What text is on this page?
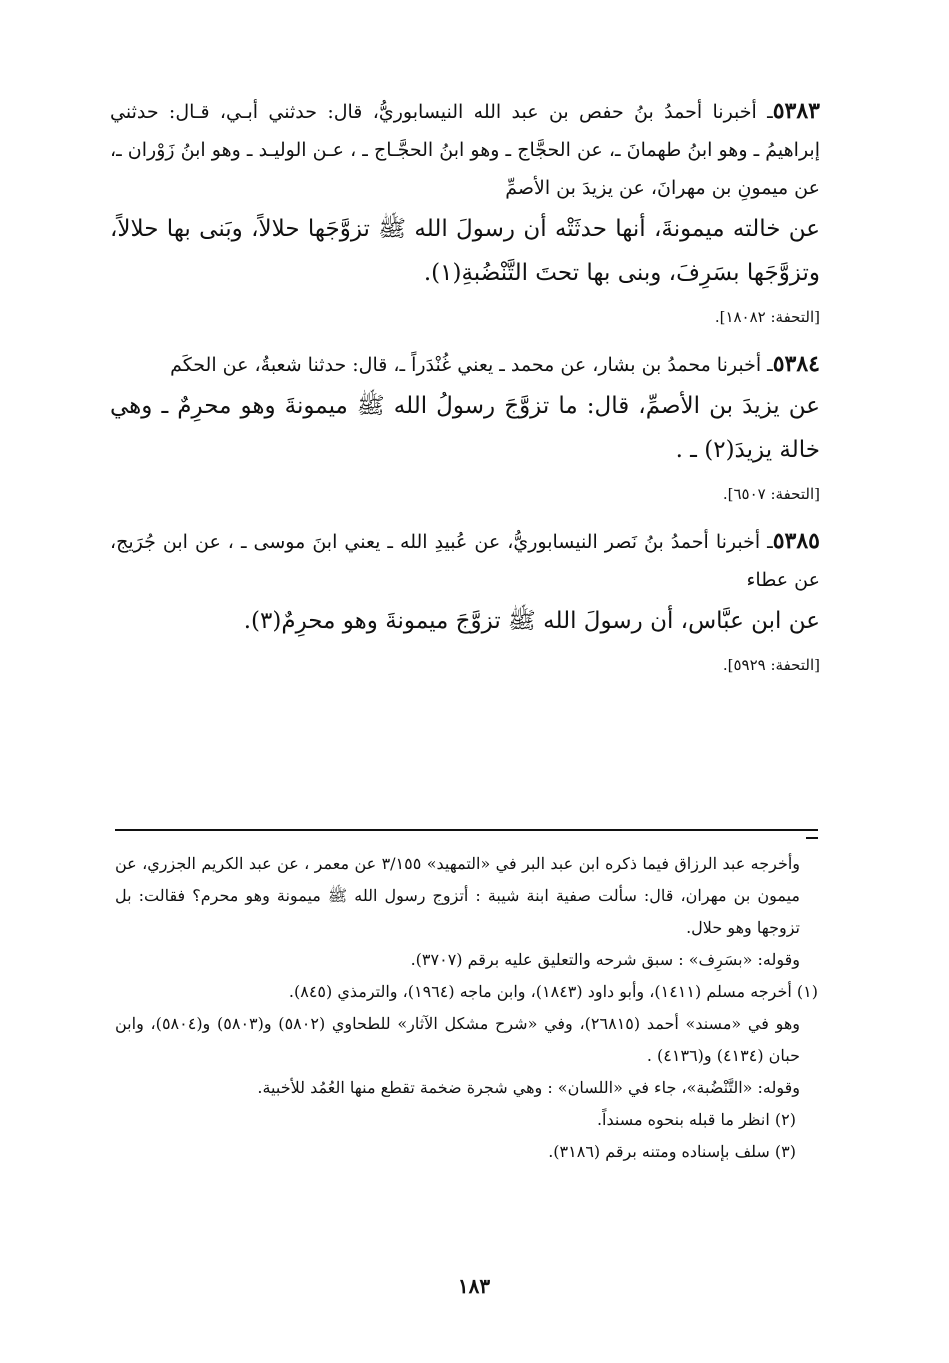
٥٣٨٣ـ أخبرنا أحمدُ بنُ حفص بن عبد الله النيسابوريُّ، قال: حدثني أبـي، قـال: حدثني إبراهيمُ ـ وهو ابنُ طهمانَ ـ، عن الحجَّاج ـ وهو ابنُ الحجَّـاج ـ ، عـن الوليـد ـ وهو ابنُ زَوْران ـ، عن ميمونِ بن مهرانَ، عن يزيدَ بن الأصمِّ

عن خالته ميمونةَ، أنها حدثَتْه أن رسولَ الله ﷺ تزوَّجَها حلالاً، وبَنى بها حلالاً، وتزوَّجَها بسَرِفَ، وبنى بها تحتَ التَّنْضُبةِ(١).

[التحفة: ١٨٠٨٢].

٥٣٨٤ـ أخبرنا محمدُ بن بشار، عن محمد ـ يعني غُنْدَراً ـ، قال: حدثنا شعبةُ، عن الحكَم

عن يزيدَ بن الأصمِّ، قال: ما تزوَّجَ رسولُ الله ﷺ ميمونةَ وهو محرِمٌ ـ وهي خالة يزيدَ(٢) ـ .

[التحفة: ٦٥٠٧].

٥٣٨٥ـ أخبرنا أحمدُ بنُ نَصر النيسابوريُّ، عن عُبيدِ الله ـ يعني ابنَ موسى ـ ، عن ابن جُرَيج، عن عطاء

عن ابن عبَّاس، أن رسولَ الله ﷺ تزوَّجَ ميمونةَ وهو محرِمٌ(٣).

[التحفة: ٥٩٢٩].

وأخرجه عبد الرزاق فيما ذكره ابن عبد البر في «التمهيد» ٣/١٥٥ عن معمر ، عن عبد الكريم الجزري، عن ميمون بن مهران، قال: سألت صفية ابنة شيبة : أتزوج رسول الله ﷺ ميمونة وهو محرم؟ فقالت: بل تزوجها وهو حلال.

وقوله: «بسَرِف» : سبق شرحه والتعليق عليه برقم (٣٧٠٧).

(١) أخرجه مسلم (١٤١١)، وأبو داود (١٨٤٣)، وابن ماجه (١٩٦٤)، والترمذي (٨٤٥).

وهو في «مسند» أحمد (٢٦٨١٥)، وفي «شرح مشكل الآثار» للطحاوي (٥٨٠٢) و(٥٨٠٣) و(٥٨٠٤)، وابن حبان (٤١٣٤) و(٤١٣٦) .

وقوله: «التَّنْضُبة»، جاء في «اللسان» : وهي شجرة ضخمة تقطع منها العُمُد للأخبية.

(٢) انظر ما قبله بنحوه مسنداً.

(٣) سلف بإسناده ومتنه برقم (٣١٨٦).

١٨٣
